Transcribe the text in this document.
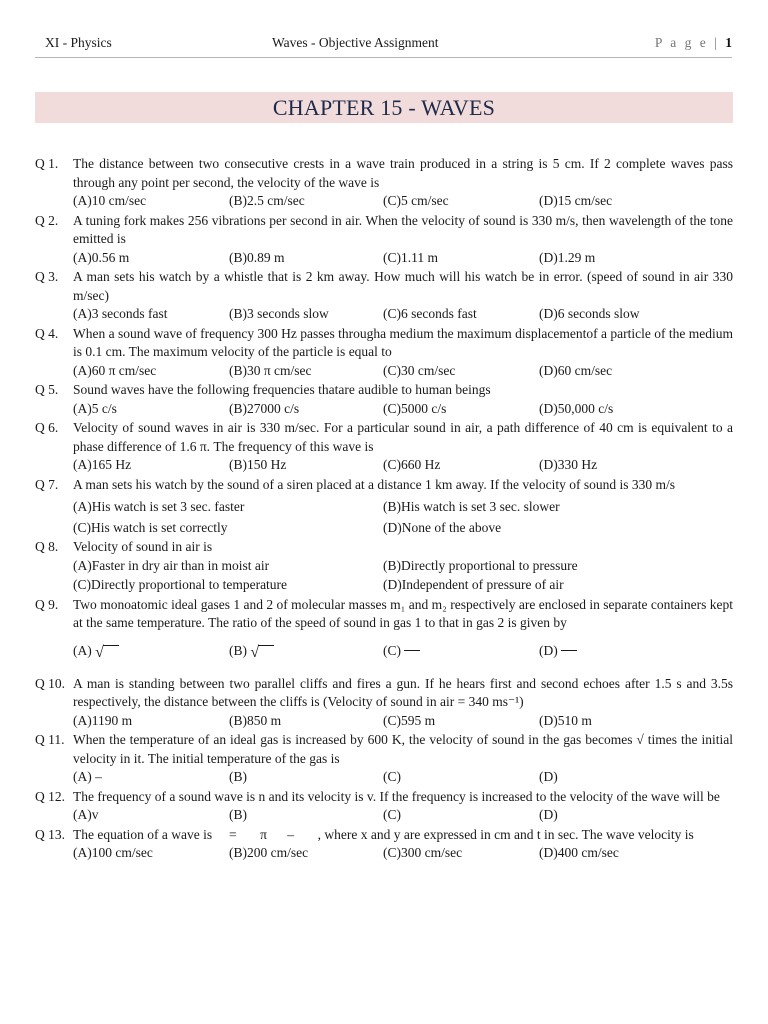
XI - Physics	Waves - Objective Assignment	P a g e | 1
CHAPTER 15 - WAVES
Q 1. The distance between two consecutive crests in a wave train produced in a string is 5 cm. If 2 complete waves pass through any point per second, the velocity of the wave is
(A)10 cm/sec	(B)2.5 cm/sec	(C)5 cm/sec	(D)15 cm/sec
Q 2. A tuning fork makes 256 vibrations per second in air. When the velocity of sound is 330 m/s, then wavelength of the tone emitted is
(A)0.56 m	(B)0.89 m	(C)1.11 m	(D)1.29 m
Q 3. A man sets his watch by a whistle that is 2 km away. How much will his watch be in error. (speed of sound in air 330 m/sec)
(A)3 seconds fast	(B)3 seconds slow	(C)6 seconds fast	(D)6 seconds slow
Q 4. When a sound wave of frequency 300 Hz passes througha medium the maximum displacementof a particle of the medium is 0.1 cm. The maximum velocity of the particle is equal to
(A)60 π cm/sec	(B)30 π cm/sec	(C)30 cm/sec	(D)60 cm/sec
Q 5. Sound waves have the following frequencies thatare audible to human beings
(A)5 c/s	(B)27000 c/s	(C)5000 c/s	(D)50,000 c/s
Q 6. Velocity of sound waves in air is 330 m/sec. For a particular sound in air, a path difference of 40 cm is equivalent to a phase difference of 1.6 π. The frequency of this wave is
(A)165 Hz	(B)150 Hz	(C)660 Hz	(D)330 Hz
Q 7. A man sets his watch by the sound of a siren placed at a distance 1 km away. If the velocity of sound is 330 m/s
(A)His watch is set 3 sec. faster	(B)His watch is set 3 sec. slower
(C)His watch is set correctly	(D)None of the above
Q 8. Velocity of sound in air is
(A)Faster in dry air than in moist air	(B)Directly proportional to pressure
(C)Directly proportional to temperature	(D)Independent of pressure of air
Q 9. Two monoatomic ideal gases 1 and 2 of molecular masses m₁ and m₂ respectively are enclosed in separate containers kept at the same temperature. The ratio of the speed of sound in gas 1 to that in gas 2 is given by
(A) √	(B) √	(C)	(D)
Q 10. A man is standing between two parallel cliffs and fires a gun. If he hears first and second echoes after 1.5 s and 3.5s respectively, the distance between the cliffs is (Velocity of sound in air = 340 ms⁻¹)
(A)1190 m	(B)850 m	(C)595 m	(D)510 m
Q 11. When the temperature of an ideal gas is increased by 600 K, the velocity of sound in the gas becomes √ times the initial velocity in it. The initial temperature of the gas is
(A) –	(B)	(C)	(D)
Q 12. The frequency of a sound wave is n and its velocity is v. If the frequency is increased to the velocity of the wave will be
(A)v	(B)	(C)	(D)
Q 13. The equation of a wave is     =       π      –       , where x and y are expressed in cm and t in sec. The wave velocity is
(A)100 cm/sec	(B)200 cm/sec	(C)300 cm/sec	(D)400 cm/sec
